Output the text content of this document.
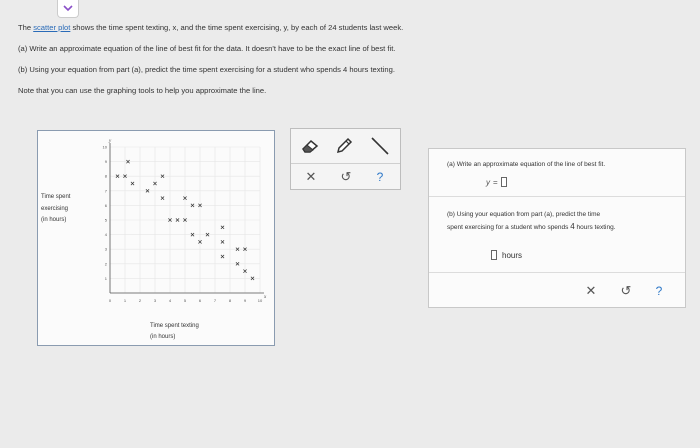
The scatter plot shows the time spent texting, x, and the time spent exercising, y, by each of 24 students last week.

(a) Write an approximate equation of the line of best fit for the data. It doesn't have to be the exact line of best fit.

(b) Using your equation from part (a), predict the time spent exercising for a student who spends 4 hours texting.

Note that you can use the graphing tools to help you approximate the line.

0	1	2	3	4	5	6	7	8	9	10
1
2
3
4
5
6
7
8
9
10
Time spent
exercising
(in hours)
Time spent texting
(in hours)
x
y
✕ ↺ ?
(a) Write an approximate equation of the line of best fit.
y =
(b) Using your equation from part (a), predict the time
spent exercising for a student who spends 4 hours texting.
hours
✕ ↺ ?
